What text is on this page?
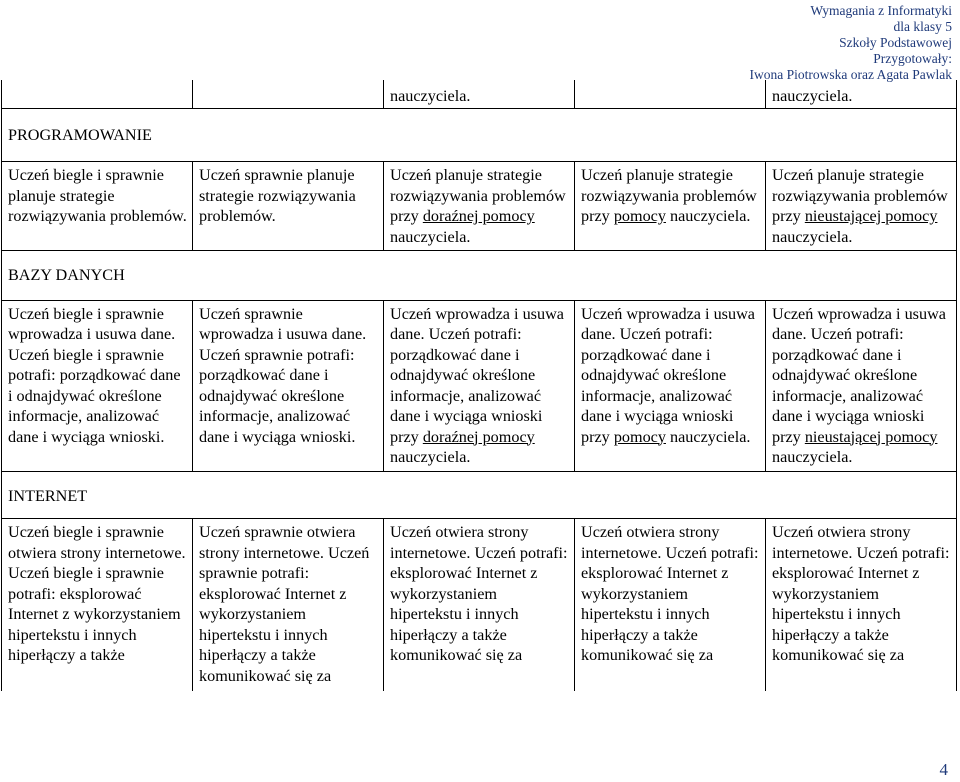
Wymagania z Informatyki
dla klasy 5
Szkoły Podstawowej
Przygotowały:
Iwona Piotrowska oraz Agata Pawlak
		nauczyciela.		nauczyciela.
PROGRAMOWANIE				
Uczeń biegle i sprawnie planuje strategie rozwiązywania problemów.	Uczeń sprawnie planuje strategie rozwiązywania problemów.	Uczeń planuje strategie rozwiązywania problemów przy doraźnej pomocy nauczyciela.	Uczeń planuje strategie rozwiązywania problemów przy pomocy nauczyciela.	Uczeń planuje strategie rozwiązywania problemów przy nieustającej pomocy nauczyciela.
BAZY DANYCH				
Uczeń biegle i sprawnie wprowadza i usuwa dane. Uczeń biegle i sprawnie potrafi: porządkować dane i odnajdywać określone informacje, analizować dane i wyciąga wnioski.	Uczeń sprawnie wprowadza i usuwa dane. Uczeń sprawnie potrafi: porządkować dane i odnajdywać określone informacje, analizować dane i wyciąga wnioski.	Uczeń wprowadza i usuwa dane. Uczeń potrafi: porządkować dane i odnajdywać określone informacje, analizować dane i wyciąga wnioski przy doraźnej pomocy nauczyciela.	Uczeń wprowadza i usuwa dane. Uczeń potrafi: porządkować dane i odnajdywać określone informacje, analizować dane i wyciąga wnioski przy pomocy nauczyciela.	Uczeń wprowadza i usuwa dane. Uczeń potrafi: porządkować dane i odnajdywać określone informacje, analizować dane i wyciąga wnioski przy nieustającej pomocy nauczyciela.
INTERNET				
Uczeń biegle i sprawnie otwiera strony internetowe. Uczeń biegle i sprawnie potrafi: eksplorować Internet z wykorzystaniem hipertekstu i innych hiperłączy a także	Uczeń sprawnie otwiera strony internetowe. Uczeń sprawnie potrafi: eksplorować Internet z wykorzystaniem hipertekstu i innych hiperłączy a także komunikować się za	Uczeń otwiera strony internetowe. Uczeń potrafi: eksplorować Internet z wykorzystaniem hipertekstu i innych hiperłączy a także komunikować się za	Uczeń otwiera strony internetowe. Uczeń potrafi: eksplorować Internet z wykorzystaniem hipertekstu i innych hiperłączy a także komunikować się za	Uczeń otwiera strony internetowe. Uczeń potrafi: eksplorować Internet z wykorzystaniem hipertekstu i innych hiperłączy a także komunikować się za
4
